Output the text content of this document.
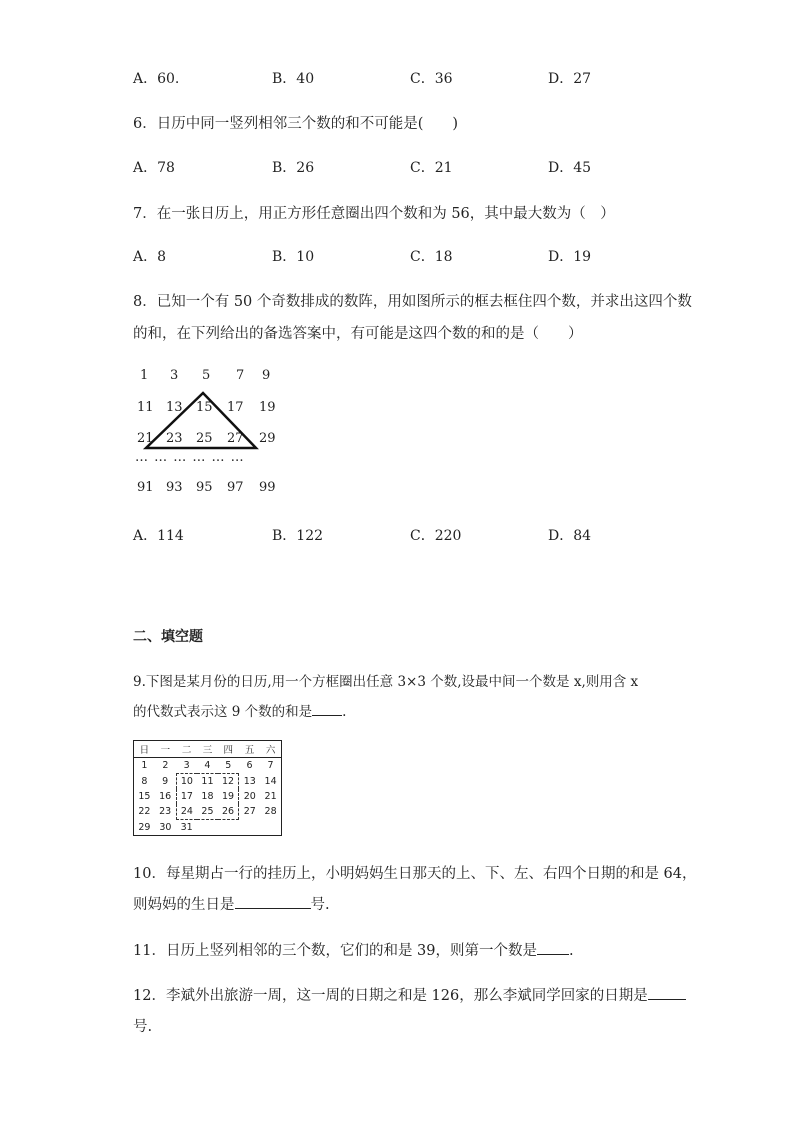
A．60.	B．40	C．36	D．27
6．日历中同一竖列相邻三个数的和不可能是(　　)
A．78	B．26	C．21	D．45
7．在一张日历上，用正方形任意圈出四个数和为 56，其中最大数为（　）
A．8	B．10	C．18	D．19
8．已知一个有 50 个奇数排成的数阵，用如图所示的框去框住四个数，并求出这四个数
的和，在下列给出的备选答案中，有可能是这四个数的和的是（　　）
1 3 5 7 9
11 13 15 17 19
21 23 25 27 29
… … … … … …
91 93 95 97 99
A．114	B．122	C．220	D．84
二、填空题
9.下图是某月份的日历,用一个方框圈出任意 3×3 个数,设最中间一个数是 x,则用含 x
的代数式表示这 9 个数的和是 .
日	一	二	三	四	五	六
1	2	3	4	5	6	7
8	9	10	11	12	13	14
15	16	17	18	19	20	21
22	23	24	25	26	27	28
29	30	31				
10．每星期占一行的挂历上，小明妈妈生日那天的上、下、左、右四个日期的和是 64，
则妈妈的生日是	号.
11．日历上竖列相邻的三个数，它们的和是 39，则第一个数是 .
12．李斌外出旅游一周，这一周的日期之和是 126，那么李斌同学回家的日期是
号.
